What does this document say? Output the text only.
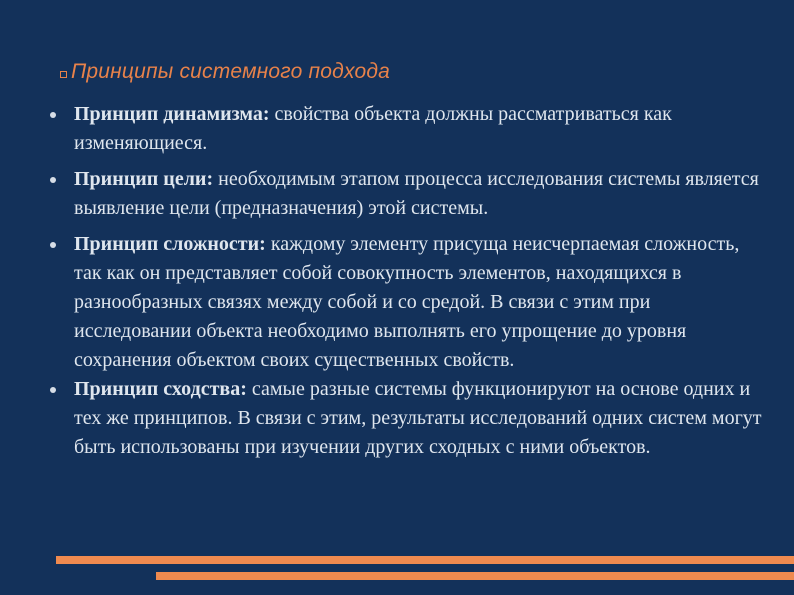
Принципы системного подхода
Принцип динамизма: свойства объекта должны рассматриваться как изменяющиеся.
Принцип цели: необходимым этапом процесса исследования системы является выявление цели (предназначения) этой системы.
Принцип сложности: каждому элементу присуща неисчерпаемая сложность, так как он представляет собой совокупность элементов, находящихся в разнообразных связях между собой и со средой. В связи с этим при исследовании объекта необходимо выполнять его упрощение до уровня сохранения объектом своих существенных свойств.
Принцип сходства: самые разные системы функционируют на основе одних и тех же принципов. В связи с этим, результаты исследований одних систем могут быть использованы при изучении других сходных с ними объектов.
